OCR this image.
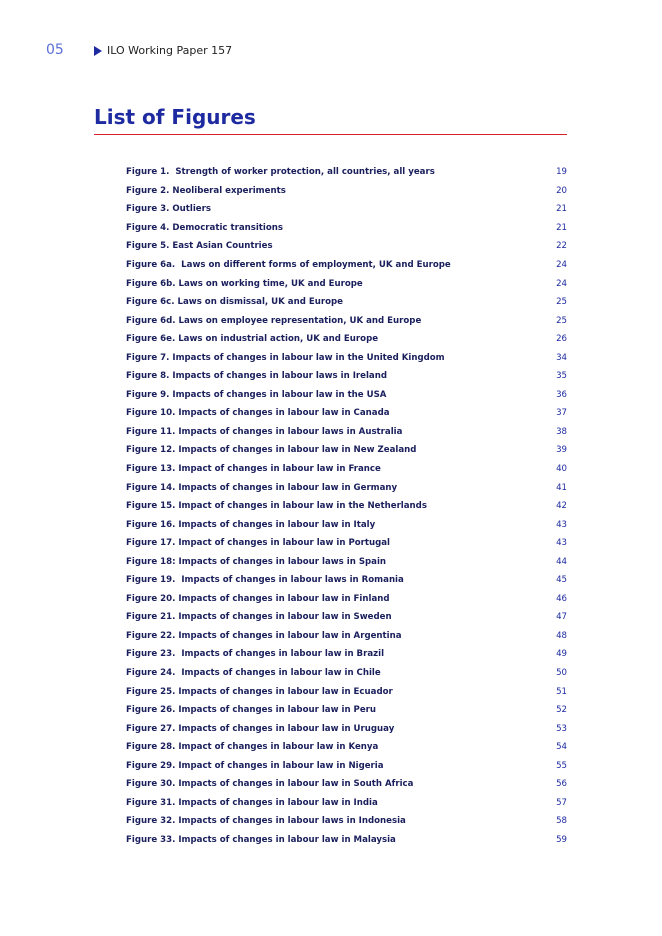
05	ILO Working Paper 157
List of Figures
Figure 1.  Strength of worker protection, all countries, all years	19
Figure 2. Neoliberal experiments	20
Figure 3. Outliers	21
Figure 4. Democratic transitions	21
Figure 5. East Asian Countries	22
Figure 6a.  Laws on different forms of employment, UK and Europe	24
Figure 6b. Laws on working time, UK and Europe	24
Figure 6c. Laws on dismissal, UK and Europe	25
Figure 6d. Laws on employee representation, UK and Europe	25
Figure 6e. Laws on industrial action, UK and Europe	26
Figure 7. Impacts of changes in labour law in the United Kingdom	34
Figure 8. Impacts of changes in labour laws in Ireland	35
Figure 9. Impacts of changes in labour law in the USA	36
Figure 10. Impacts of changes in labour law in Canada	37
Figure 11. Impacts of changes in labour laws in Australia	38
Figure 12. Impacts of changes in labour law in New Zealand	39
Figure 13. Impact of changes in labour law in France	40
Figure 14. Impacts of changes in labour law in Germany	41
Figure 15. Impact of changes in labour law in the Netherlands	42
Figure 16. Impacts of changes in labour law in Italy	43
Figure 17. Impact of changes in labour law in Portugal	43
Figure 18: Impacts of changes in labour laws in Spain	44
Figure 19.  Impacts of changes in labour laws in Romania	45
Figure 20. Impacts of changes in labour law in Finland	46
Figure 21. Impacts of changes in labour law in Sweden	47
Figure 22. Impacts of changes in labour law in Argentina	48
Figure 23.  Impacts of changes in labour law in Brazil	49
Figure 24.  Impacts of changes in labour law in Chile	50
Figure 25. Impacts of changes in labour law in Ecuador	51
Figure 26. Impacts of changes in labour law in Peru	52
Figure 27. Impacts of changes in labour law in Uruguay	53
Figure 28. Impact of changes in labour law in Kenya	54
Figure 29. Impact of changes in labour law in Nigeria	55
Figure 30. Impacts of changes in labour law in South Africa	56
Figure 31. Impacts of changes in labour law in India	57
Figure 32. Impacts of changes in labour laws in Indonesia	58
Figure 33. Impacts of changes in labour law in Malaysia	59
